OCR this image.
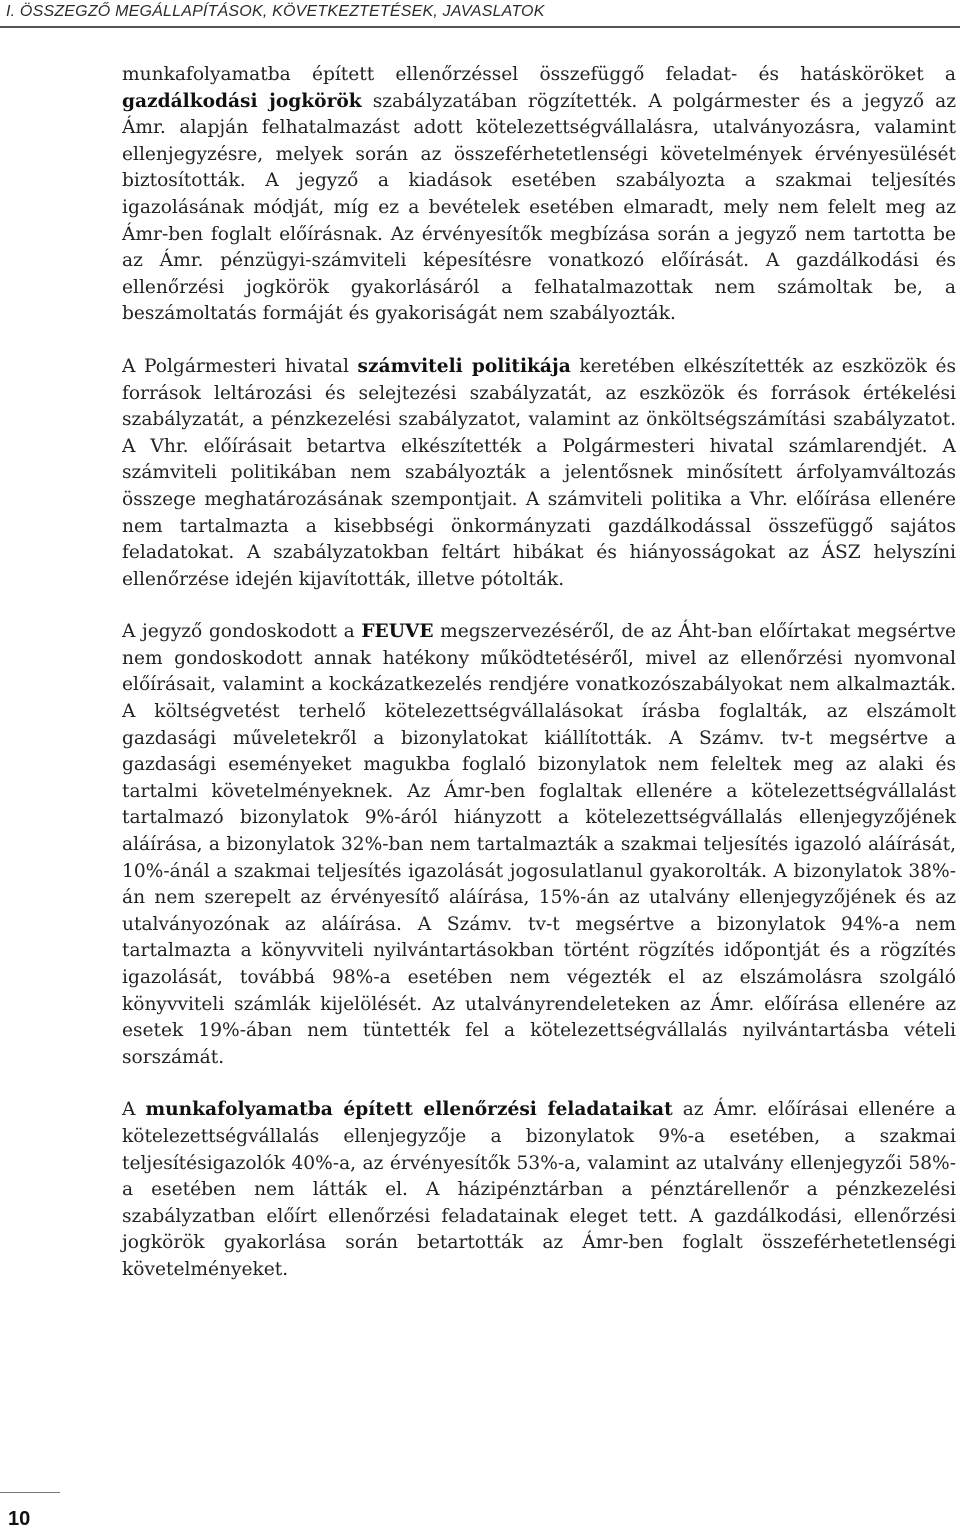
I. ÖSSZEGZŐ MEGÁLLAPÍTÁSOK, KÖVETKEZTETÉSEK, JAVASLATOK

munkafolyamatba épített ellenőrzéssel összefüggő feladat- és hatásköröket a gazdálkodási jogkörök szabályzatában rögzítették. A polgármester és a jegyző az Ámr. alapján felhatalmazást adott kötelezettségvállalásra, utalványozásra, valamint ellenjegyzésre, melyek során az összeférhetetlenségi követelmények érvényesülését biztosították. A jegyző a kiadások esetében szabályozta a szakmai teljesítés igazolásának módját, míg ez a bevételek esetében elmaradt, mely nem felelt meg az Ámr-ben foglalt előírásnak. Az érvényesítők megbízása során a jegyző nem tartotta be az Ámr. pénzügyi-számviteli képesítésre vonatkozó előírását. A gazdálkodási és ellenőrzési jogkörök gyakorlásáról a felhatalmazottak nem számoltak be, a beszámoltatás formáját és gyakoriságát nem szabályozták.

A Polgármesteri hivatal számviteli politikája keretében elkészítették az eszközök és források leltározási és selejtezési szabályzatát, az eszközök és források értékelési szabályzatát, a pénzkezelési szabályzatot, valamint az önköltségszámítási szabályzatot. A Vhr. előírásait betartva elkészítették a Polgármesteri hivatal számlarendjét. A számviteli politikában nem szabályozták a jelentősnek minősített árfolyamváltozás összege meghatározásának szempontjait. A számviteli politika a Vhr. előírása ellenére nem tartalmazta a kisebbségi önkormányzati gazdálkodással összefüggő sajátos feladatokat. A szabályzatokban feltárt hibákat és hiányosságokat az ÁSZ helyszíni ellenőrzése idején kijavították, illetve pótolták.

A jegyző gondoskodott a FEUVE megszervezéséről, de az Áht-ban előírtakat megsértve nem gondoskodott annak hatékony működtetéséről, mivel az ellenőrzési nyomvonal előírásait, valamint a kockázatkezelés rendjére vonatkozószabályokat nem alkalmazták. A költségvetést terhelő kötelezettségvállalásokat írásba foglalták, az elszámolt gazdasági műveletekről a bizonylatokat kiállították. A Számv. tv-t megsértve a gazdasági eseményeket magukba foglaló bizonylatok nem feleltek meg az alaki és tartalmi követelményeknek. Az Ámr-ben foglaltak ellenére a kötelezettségvállalást tartalmazó bizonylatok 9%-áról hiányzott a kötelezettségvállalás ellenjegyzőjének aláírása, a bizonylatok 32%-ban nem tartalmazták a szakmai teljesítés igazoló aláírását, 10%-ánál a szakmai teljesítés igazolását jogosulatlanul gyakorolták. A bizonylatok 38%-án nem szerepelt az érvényesítő aláírása, 15%-án az utalvány ellenjegyzőjének és az utalványozónak az aláírása. A Számv. tv-t megsértve a bizonylatok 94%-a nem tartalmazta a könyvviteli nyilvántartásokban történt rögzítés időpontját és a rögzítés igazolását, továbbá 98%-a esetében nem végezték el az elszámolásra szolgáló könyvviteli számlák kijelölését. Az utalványrendeleteken az Ámr. előírása ellenére az esetek 19%-ában nem tüntették fel a kötelezettségvállalás nyilvántartásba vételi sorszámát.

A munkafolyamatba épített ellenőrzési feladataikat az Ámr. előírásai ellenére a kötelezettségvállalás ellenjegyzője a bizonylatok 9%-a esetében, a szakmai teljesítésigazolók 40%-a, az érvényesítők 53%-a, valamint az utalvány ellenjegyzői 58%-a esetében nem látták el. A házipénztárban a pénztárellenőr a pénzkezelési szabályzatban előírt ellenőrzési feladatainak eleget tett. A gazdálkodási, ellenőrzési jogkörök gyakorlása során betartották az Ámr-ben foglalt összeférhetetlenségi követelményeket.

10
